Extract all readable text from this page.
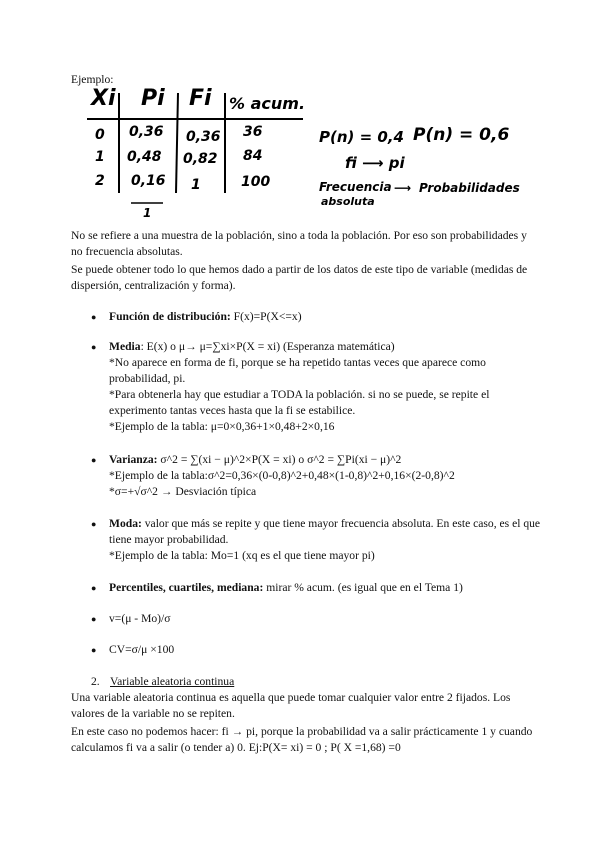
Ejemplo:
Xi Pi Fi % acum.
0 0,36 0,36 36
1 0,48 0,82 84
2 0,16 1	100
1
P(n) = 0,4 P(n) = 0,6
fi ⟶ pi
Frecuencia ⟶
absoluta
Probabilidades
No se refiere a una muestra de la población, sino a toda la población. Por eso son probabilidades y no frecuencia absolutas.
Se puede obtener todo lo que hemos dado a partir de los datos de este tipo de variable (medidas de dispersión, centralización y forma).
● Función de distribución: F(x)=P(X<=x)
● Media: E(x) o μ→ μ=∑xi×P(X = xi) (Esperanza matemática)
*No aparece en forma de fi, porque se ha repetido tantas veces que aparece como probabilidad, pi.
*Para obtenerla hay que estudiar a TODA la población. si no se puede, se repite el experimento tantas veces hasta que la fi se estabilice.
*Ejemplo de la tabla: μ=0×0,36+1×0,48+2×0,16
● Varianza: σ^2 = ∑(xi − μ)^2×P(X = xi) o σ^2 = ∑Pi(xi − μ)^2
*Ejemplo de la tabla:σ^2=0,36×(0-0,8)^2+0,48×(1-0,8)^2+0,16×(2-0,8)^2
*σ=+√σ^2 → Desviación típica
● Moda: valor que más se repite y que tiene mayor frecuencia absoluta. En este caso, es el que tiene mayor probabilidad.
*Ejemplo de la tabla: Mo=1 (xq es el que tiene mayor pi)
● Percentiles, cuartiles, mediana: mirar % acum. (es igual que en el Tema 1)
● v=(μ - Mo)/σ
● CV=σ/μ ×100
2. Variable aleatoria continua
Una variable aleatoria continua es aquella que puede tomar cualquier valor entre 2 fijados. Los valores de la variable no se repiten.
En este caso no podemos hacer: fi → pi, porque la probabilidad va a salir prácticamente 1 y cuando calculamos fi va a salir (o tender a) 0. Ej:P(X= xi) = 0 ; P( X =1,68) =0
